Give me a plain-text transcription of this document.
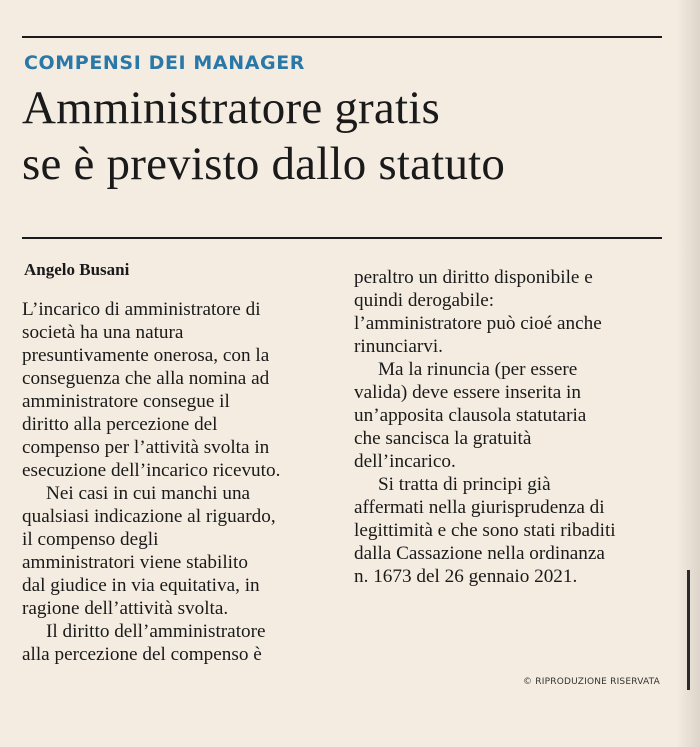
COMPENSI DEI MANAGER
Amministratore gratis
se è previsto dallo statuto
Angelo Busani
L’incarico di amministratore di
società ha una natura
presuntivamente onerosa, con la
conseguenza che alla nomina ad
amministratore consegue il
diritto alla percezione del
compenso per l’attività svolta in
esecuzione dell’incarico ricevuto.
Nei casi in cui manchi una
qualsiasi indicazione al riguardo,
il compenso degli
amministratori viene stabilito
dal giudice in via equitativa, in
ragione dell’attività svolta.
Il diritto dell’amministratore
alla percezione del compenso è
peraltro un diritto disponibile e
quindi derogabile:
l’amministratore può cioé anche
rinunciarvi.
Ma la rinuncia (per essere
valida) deve essere inserita in
un’apposita clausola statutaria
che sancisca la gratuità
dell’incarico.
Si tratta di principi già
affermati nella giurisprudenza di
legittimità e che sono stati ribaditi
dalla Cassazione nella ordinanza
n. 1673 del 26 gennaio 2021.
© RIPRODUZIONE RISERVATA
